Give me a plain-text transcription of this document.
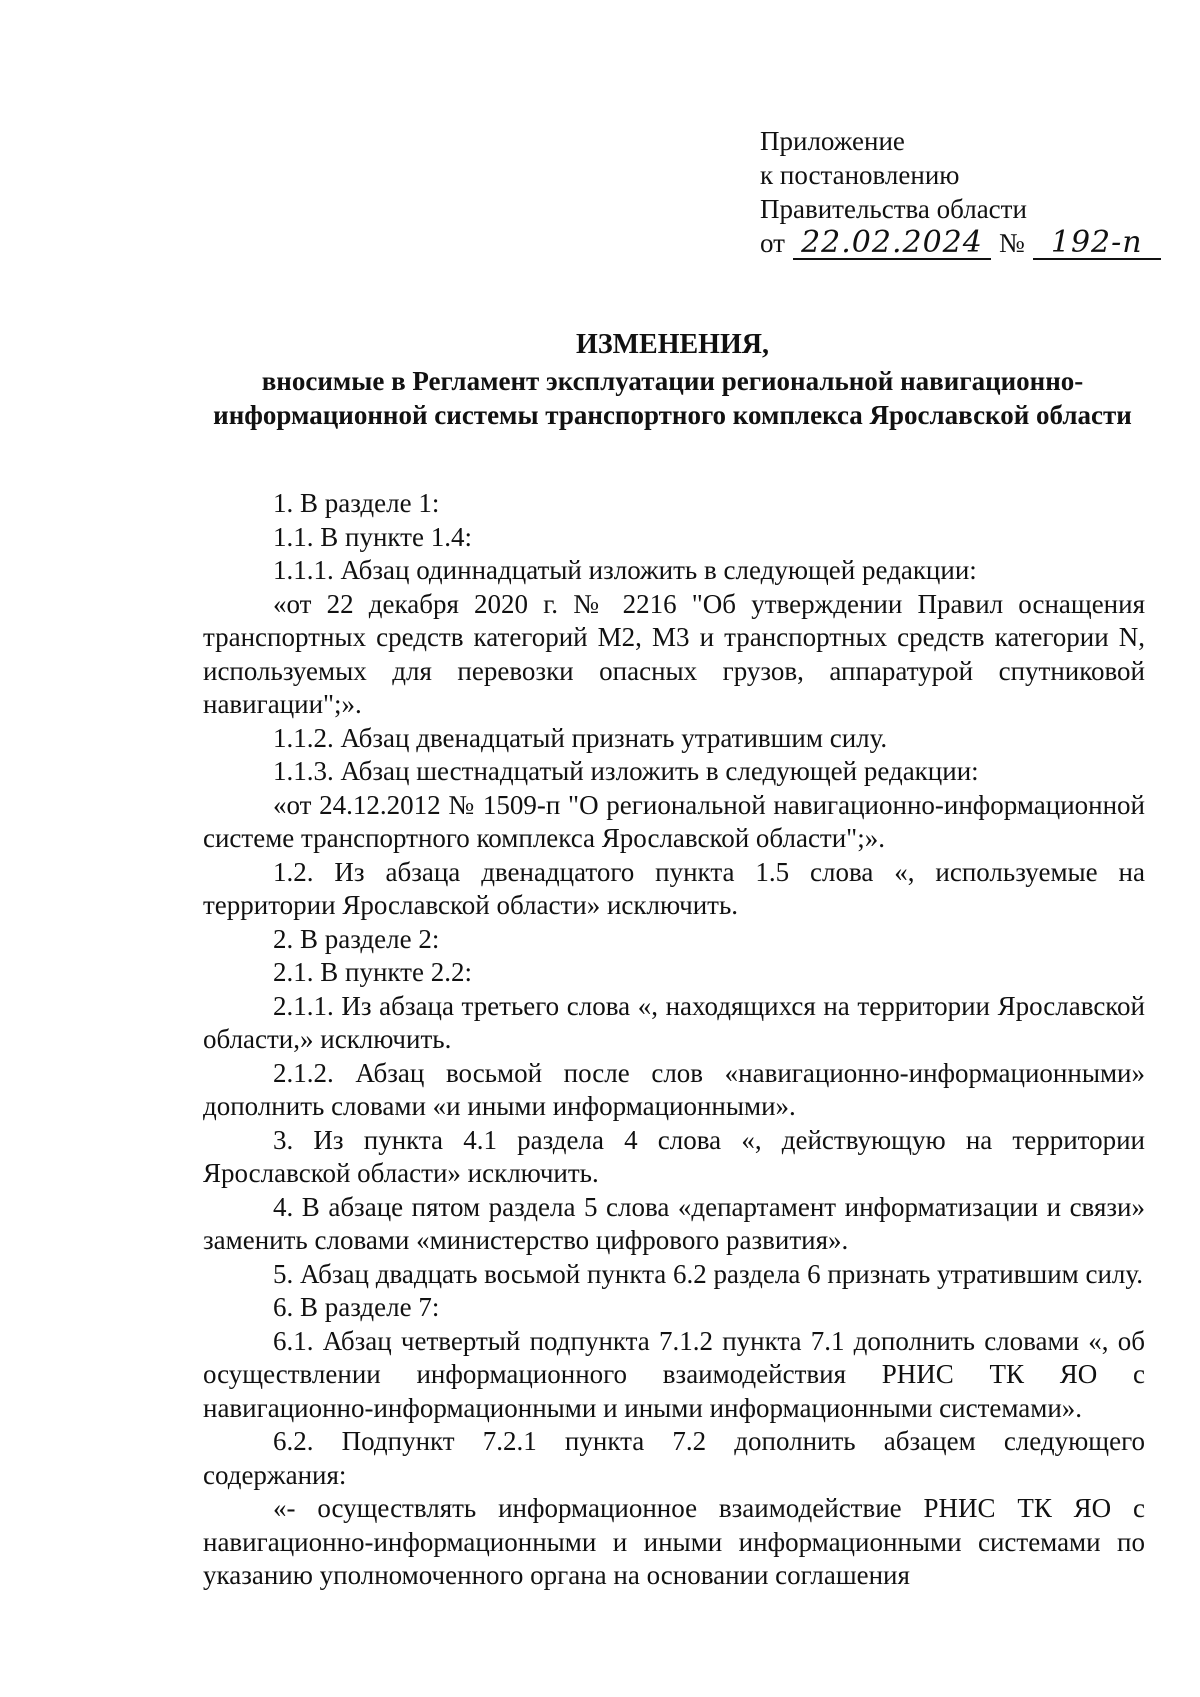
Приложение
к постановлению
Правительства области
от 22.02.2024 № 192-п
ИЗМЕНЕНИЯ,
вносимые в Регламент эксплуатации региональной навигационно-информационной системы транспортного комплекса Ярославской области

1. В разделе 1:

1.1. В пункте 1.4:

1.1.1. Абзац одиннадцатый изложить в следующей редакции:

«от 22 декабря 2020 г. № 2216 "Об утверждении Правил оснащения транспортных средств категорий М2, М3 и транспортных средств категории N, используемых для перевозки опасных грузов, аппаратурой спутниковой навигации";».

1.1.2. Абзац двенадцатый признать утратившим силу.

1.1.3. Абзац шестнадцатый изложить в следующей редакции:

«от 24.12.2012 № 1509-п "О региональной навигационно-информационной системе транспортного комплекса Ярославской области";».

1.2. Из абзаца двенадцатого пункта 1.5 слова «, используемые на территории Ярославской области» исключить.

2. В разделе 2:

2.1. В пункте 2.2:

2.1.1. Из абзаца третьего слова «, находящихся на территории Ярославской области,» исключить.

2.1.2. Абзац восьмой после слов «навигационно-информационными» дополнить словами «и иными информационными».

3. Из пункта 4.1 раздела 4 слова «, действующую на территории Ярославской области» исключить.

4. В абзаце пятом раздела 5 слова «департамент информатизации и связи» заменить словами «министерство цифрового развития».

5. Абзац двадцать восьмой пункта 6.2 раздела 6 признать утратившим силу.

6. В разделе 7:

6.1. Абзац четвертый подпункта 7.1.2 пункта 7.1 дополнить словами «, об осуществлении информационного взаимодействия РНИС ТК ЯО с навигационно-информационными и иными информационными системами».

6.2. Подпункт 7.2.1 пункта 7.2 дополнить абзацем следующего содержания:

«- осуществлять информационное взаимодействие РНИС ТК ЯО с навигационно-информационными и иными информационными системами по указанию уполномоченного органа на основании соглашения
